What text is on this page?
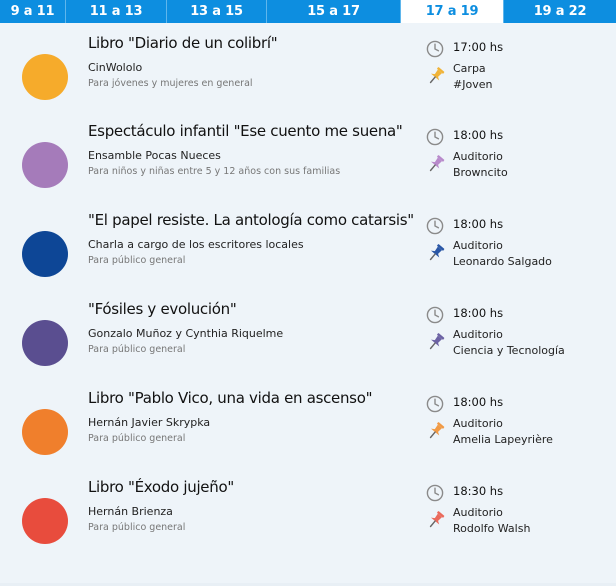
9 a 11	11 a 13	13 a 15	15 a 17	17 a 19	19 a 22
Libro "Diario de un colibrí"
CinWololo
Para jóvenes y mujeres en general
17:00 hs
Carpa
#Joven
Espectáculo infantil "Ese cuento me suena"
Ensamble Pocas Nueces
Para niños y niñas entre 5 y 12 años con sus familias
18:00 hs
Auditorio
Browncito
"El papel resiste. La antología como catarsis"
Charla a cargo de los escritores locales
Para público general
18:00 hs
Auditorio
Leonardo Salgado
"Fósiles y evolución"
Gonzalo Muñoz y Cynthia Riquelme
Para público general
18:00 hs
Auditorio
Ciencia y Tecnología
Libro "Pablo Vico, una vida en ascenso"
Hernán Javier Skrypka
Para público general
18:00 hs
Auditorio
Amelia Lapeyrière
Libro "Éxodo jujeño"
Hernán Brienza
Para público general
18:30 hs
Auditorio
Rodolfo Walsh
